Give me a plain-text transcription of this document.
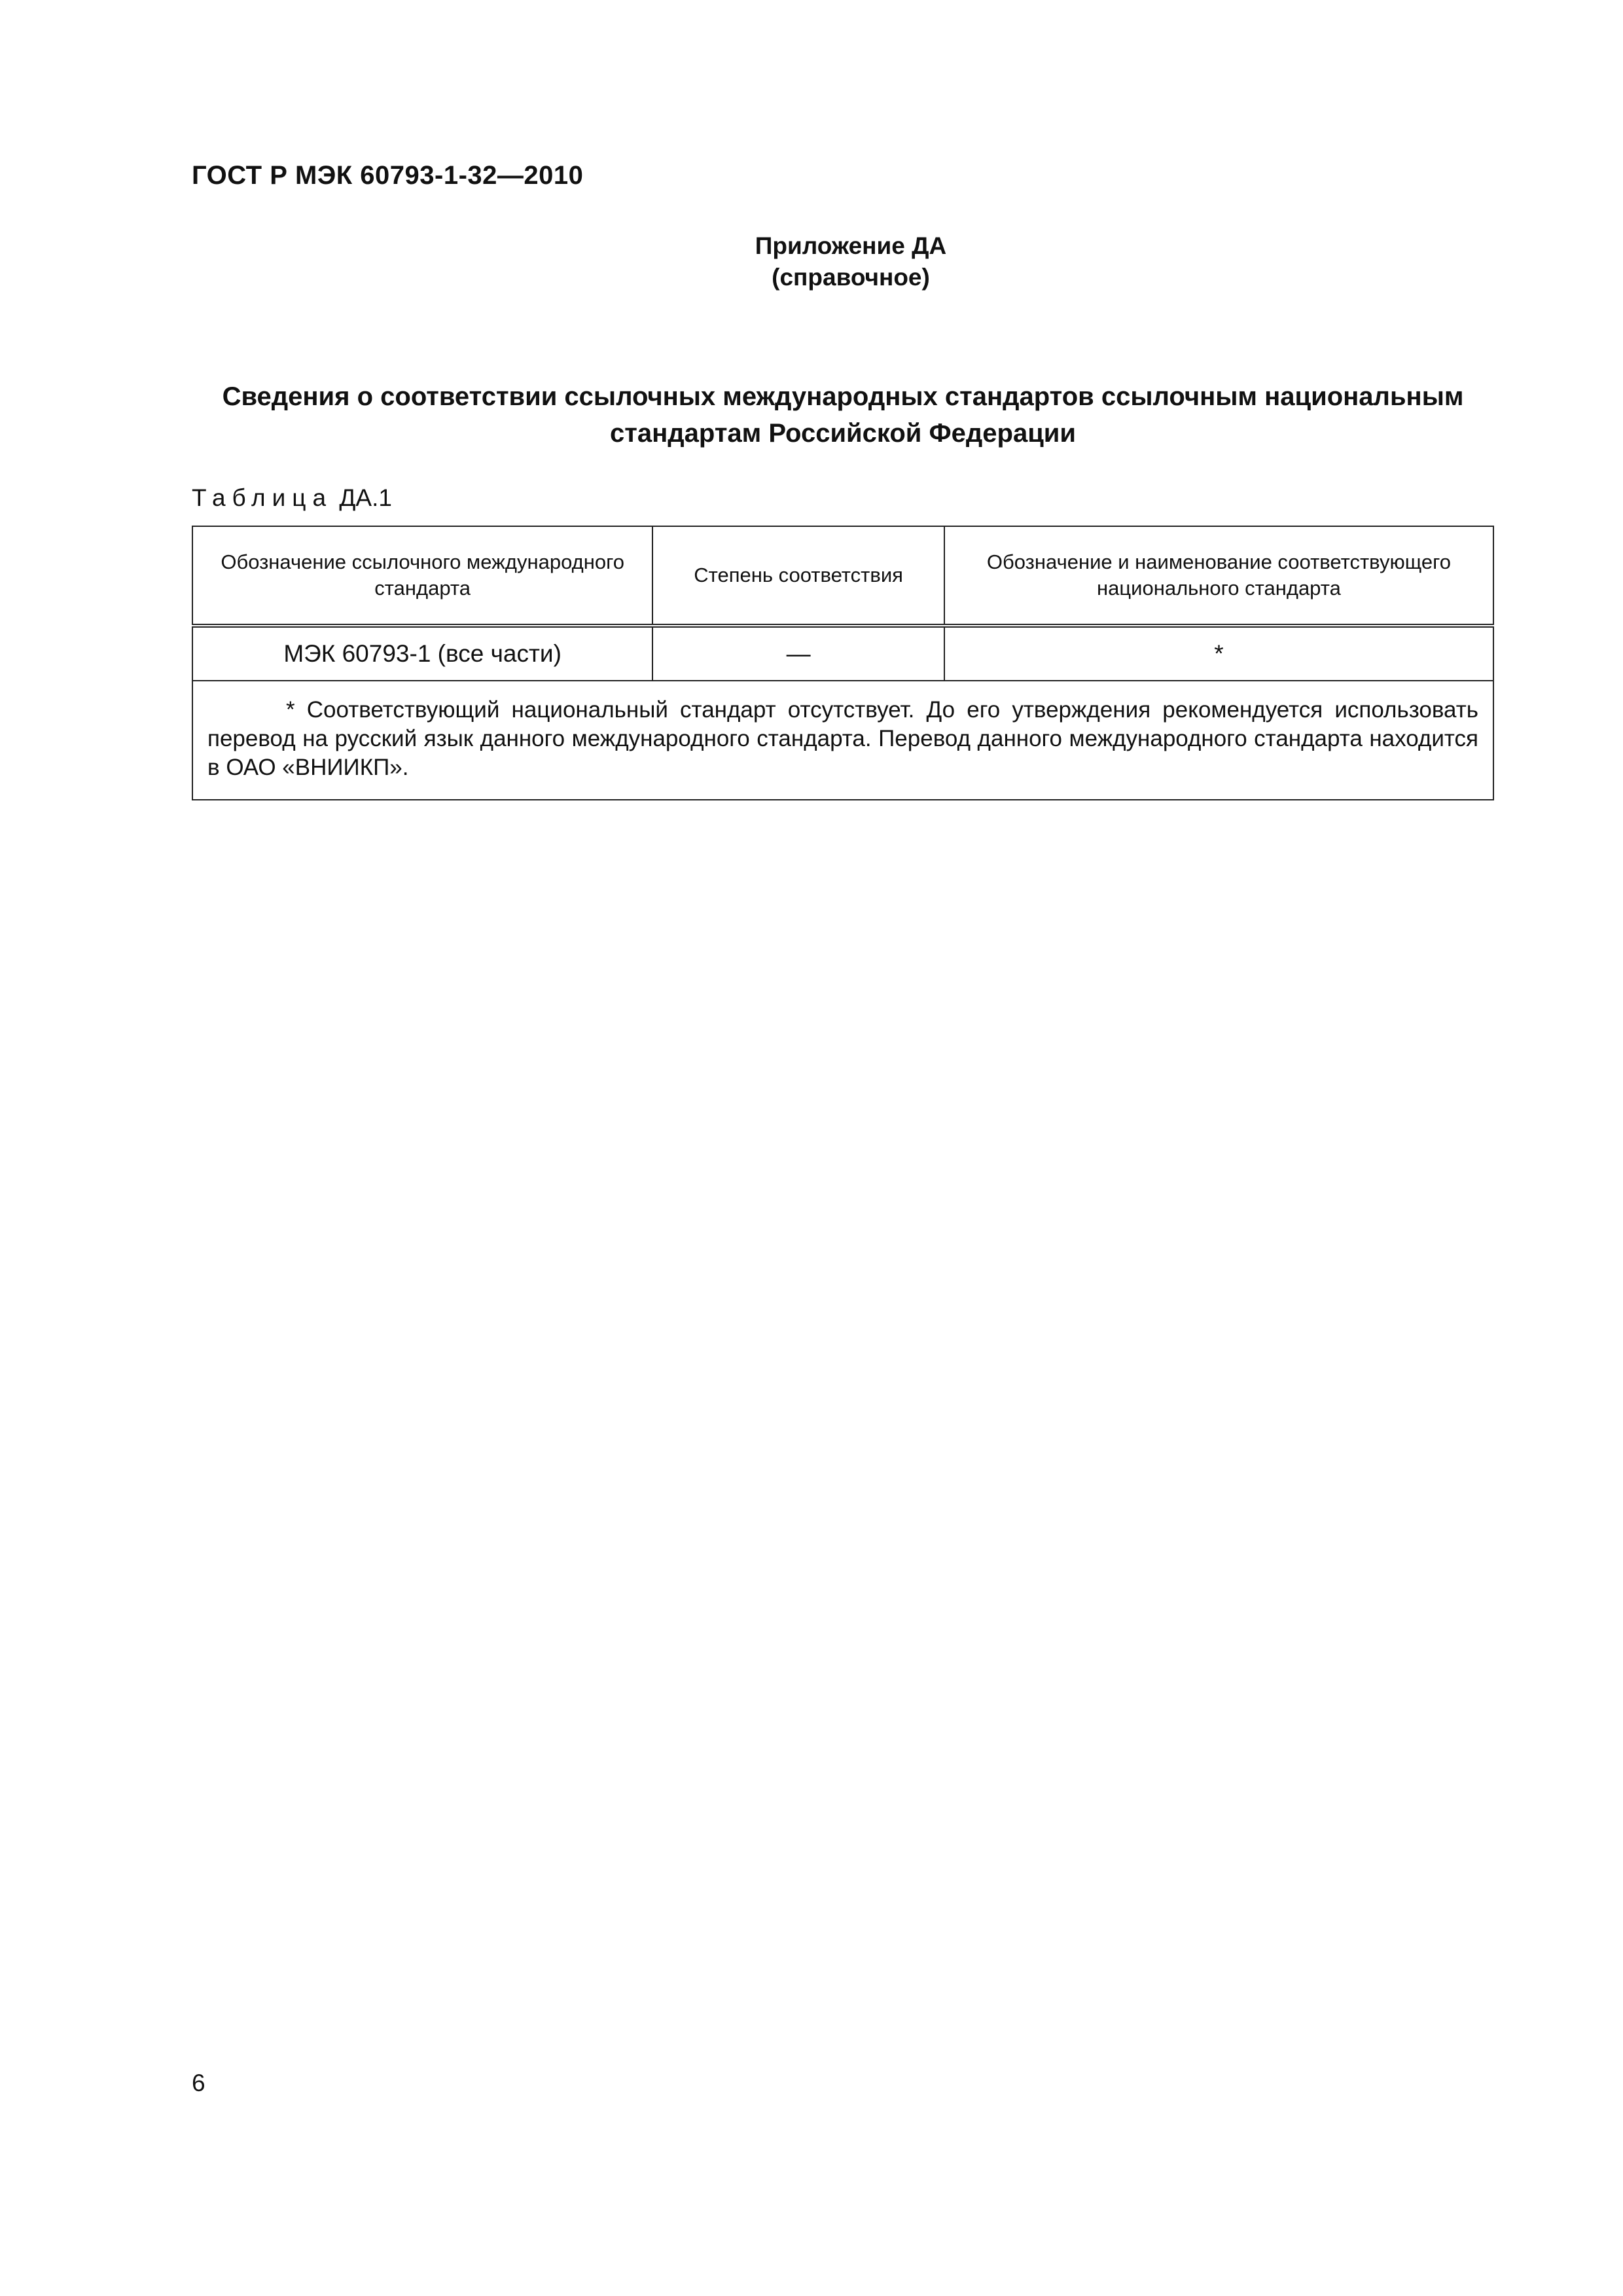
ГОСТ Р МЭК 60793-1-32—2010
Приложение ДА
(справочное)
Сведения о соответствии ссылочных международных стандартов ссылочным национальным стандартам Российской Федерации
Таблица ДА.1
Обозначение ссылочного международного стандарта	Степень соответствия	Обозначение и наименование соответствующего национального стандарта
МЭК 60793-1 (все части)	—	*

* Соответствующий национальный стандарт отсутствует. До его утверждения рекомендуется использовать перевод на русский язык данного международного стандарта. Перевод данного международного стандарта находится в ОАО «ВНИИКП».		
6
